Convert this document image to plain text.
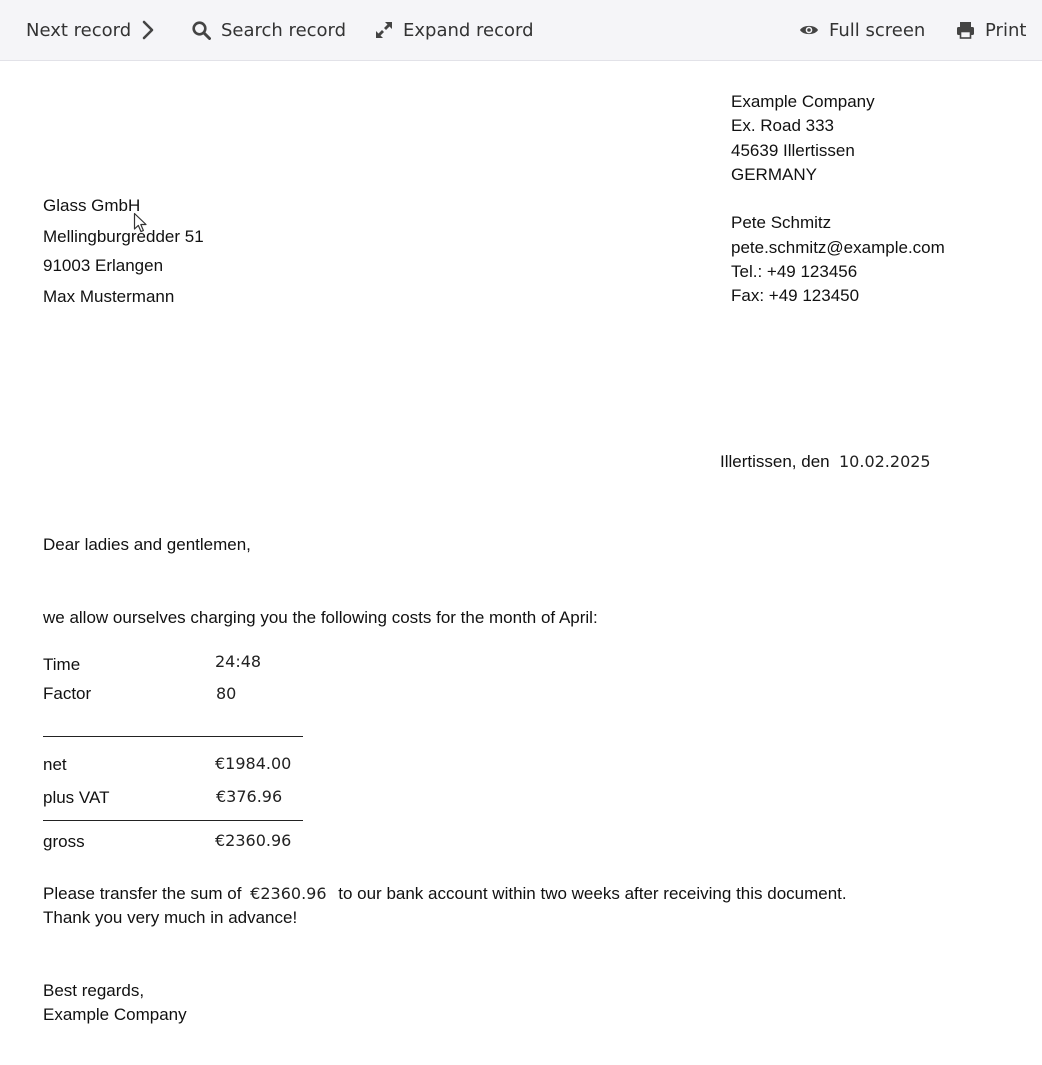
Next record	Search record	Expand record	Full screen	Print
Example Company
Ex. Road 333
45639 Illertissen
GERMANY
Pete Schmitz
pete.schmitz@example.com
Tel.: +49 123456
Fax: +49 123450
Glass GmbH
Mellingburgredder 51
91003 Erlangen
Max Mustermann
Illertissen, den 10.02.2025
Dear ladies and gentlemen,
we allow ourselves charging you the following costs for the month of April:
Time	24:48
Factor	80
net	€1984.00
plus VAT	€376.96
gross	€2360.96
Please transfer the sum of €2360.96 to our bank account within two weeks after receiving this document.
Thank you very much in advance!
Best regards,
Example Company
